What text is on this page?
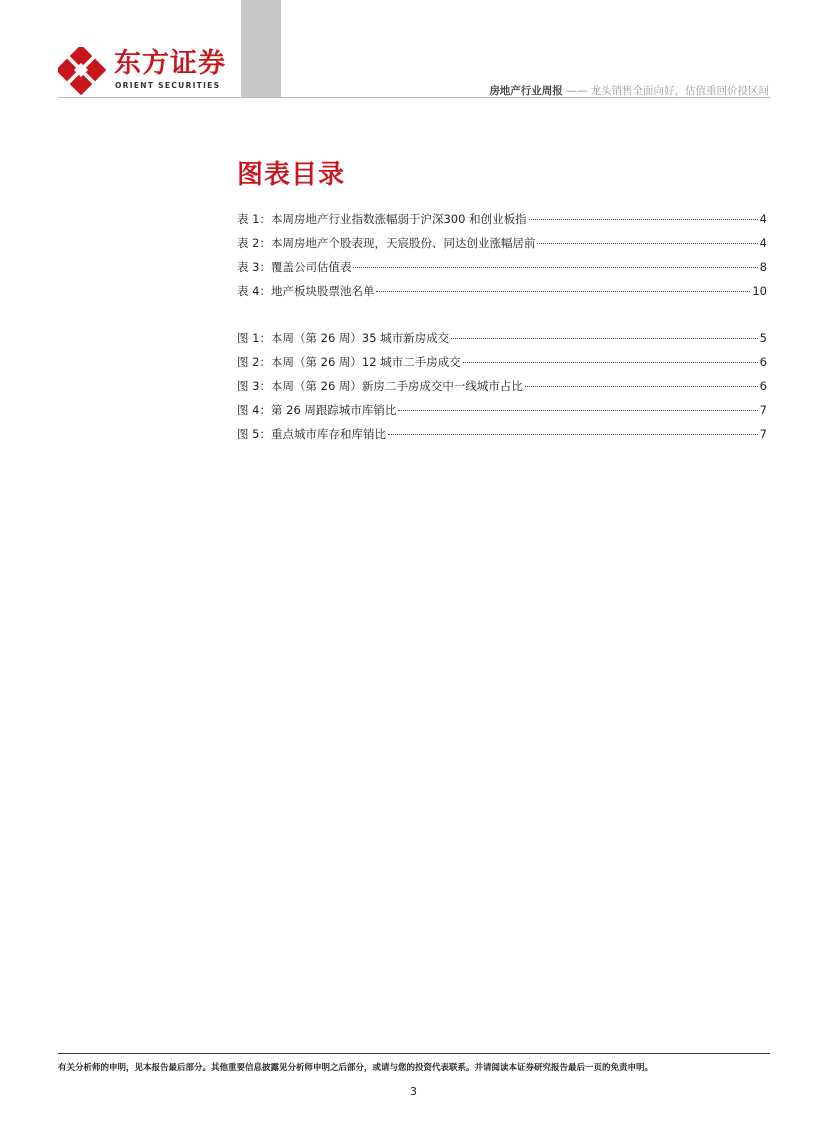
东方证券
ORIENT SECURITIES	房地产行业周报 —— 龙头销售全面向好，估值重回价投区间
图表目录
表 1：本周房地产行业指数涨幅弱于沪深300 和创业板指	4
表 2：本周房地产个股表现，天宸股份、同达创业涨幅居前	4
表 3：覆盖公司估值表	8
表 4：地产板块股票池名单	10
图 1：本周（第 26 周）35 城市新房成交	5
图 2：本周（第 26 周）12 城市二手房成交	6
图 3：本周（第 26 周）新房二手房成交中一线城市占比	6
图 4：第 26 周跟踪城市库销比	7
图 5：重点城市库存和库销比	7
有关分析师的申明，见本报告最后部分。其他重要信息披露见分析师申明之后部分，或请与您的投资代表联系。并请阅读本证券研究报告最后一页的免责申明。
3
